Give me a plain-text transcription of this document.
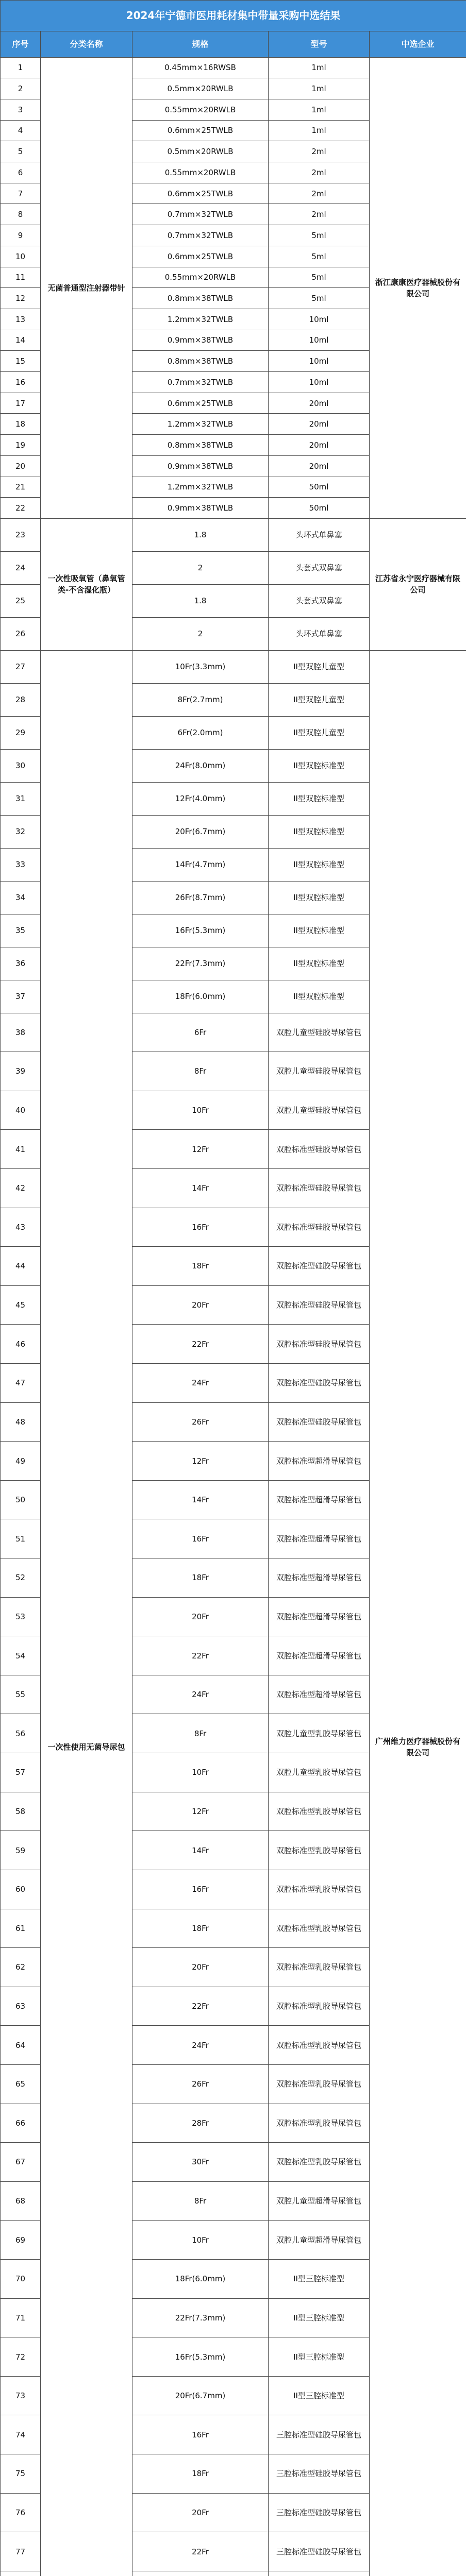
2024年宁德市医用耗材集中带量采购中选结果				
序号	分类名称	规格	型号	中选企业
1	无菌普通型注射器带针	0.45mm×16RWSB	1ml	浙江康康医疗器械股份有限公司
2		0.5mm×20RWLB	1ml	
3		0.55mm×20RWLB	1ml	
4		0.6mm×25TWLB	1ml	
5		0.5mm×20RWLB	2ml	
6		0.55mm×20RWLB	2ml	
7		0.6mm×25TWLB	2ml	
8		0.7mm×32TWLB	2ml	
9		0.7mm×32TWLB	5ml	
10		0.6mm×25TWLB	5ml	
11		0.55mm×20RWLB	5ml	
12		0.8mm×38TWLB	5ml	
13		1.2mm×32TWLB	10ml	
14		0.9mm×38TWLB	10ml	
15		0.8mm×38TWLB	10ml	
16		0.7mm×32TWLB	10ml	
17		0.6mm×25TWLB	20ml	
18		1.2mm×32TWLB	20ml	
19		0.8mm×38TWLB	20ml	
20		0.9mm×38TWLB	20ml	
21		1.2mm×32TWLB	50ml	
22		0.9mm×38TWLB	50ml	
23	一次性吸氧管（鼻氧管类-不含湿化瓶）	1.8	头环式单鼻塞	江苏省永宁医疗器械有限公司
24		2	头套式双鼻塞	
25		1.8	头套式双鼻塞	
26		2	头环式单鼻塞	
27	一次性使用无菌导尿包	10Fr(3.3mm)	II型双腔儿童型	广州维力医疗器械股份有限公司
28		8Fr(2.7mm)	II型双腔儿童型	
29		6Fr(2.0mm)	II型双腔儿童型	
30		24Fr(8.0mm)	II型双腔标准型	
31		12Fr(4.0mm)	II型双腔标准型	
32		20Fr(6.7mm)	II型双腔标准型	
33		14Fr(4.7mm)	II型双腔标准型	
34		26Fr(8.7mm)	II型双腔标准型	
35		16Fr(5.3mm)	II型双腔标准型	
36		22Fr(7.3mm)	II型双腔标准型	
37		18Fr(6.0mm)	II型双腔标准型	
38		6Fr	双腔儿童型硅胶导尿管包	
39		8Fr	双腔儿童型硅胶导尿管包	
40		10Fr	双腔儿童型硅胶导尿管包	
41		12Fr	双腔标准型硅胶导尿管包	
42		14Fr	双腔标准型硅胶导尿管包	
43		16Fr	双腔标准型硅胶导尿管包	
44		18Fr	双腔标准型硅胶导尿管包	
45		20Fr	双腔标准型硅胶导尿管包	
46		22Fr	双腔标准型硅胶导尿管包	
47		24Fr	双腔标准型硅胶导尿管包	
48		26Fr	双腔标准型硅胶导尿管包	
49		12Fr	双腔标准型超滑导尿管包	
50		14Fr	双腔标准型超滑导尿管包	
51		16Fr	双腔标准型超滑导尿管包	
52		18Fr	双腔标准型超滑导尿管包	
53		20Fr	双腔标准型超滑导尿管包	
54		22Fr	双腔标准型超滑导尿管包	
55		24Fr	双腔标准型超滑导尿管包	
56		8Fr	双腔儿童型乳胶导尿管包	
57		10Fr	双腔儿童型乳胶导尿管包	
58		12Fr	双腔标准型乳胶导尿管包	
59		14Fr	双腔标准型乳胶导尿管包	
60		16Fr	双腔标准型乳胶导尿管包	
61		18Fr	双腔标准型乳胶导尿管包	
62		20Fr	双腔标准型乳胶导尿管包	
63		22Fr	双腔标准型乳胶导尿管包	
64		24Fr	双腔标准型乳胶导尿管包	
65		26Fr	双腔标准型乳胶导尿管包	
66		28Fr	双腔标准型乳胶导尿管包	
67		30Fr	双腔标准型乳胶导尿管包	
68		8Fr	双腔儿童型超滑导尿管包	
69		10Fr	双腔儿童型超滑导尿管包	
70		18Fr(6.0mm)	II型三腔标准型	
71		22Fr(7.3mm)	II型三腔标准型	
72		16Fr(5.3mm)	II型三腔标准型	
73		20Fr(6.7mm)	II型三腔标准型	
74		16Fr	三腔标准型硅胶导尿管包	
75		18Fr	三腔标准型硅胶导尿管包	
76		20Fr	三腔标准型硅胶导尿管包	
77		22Fr	三腔标准型硅胶导尿管包	
